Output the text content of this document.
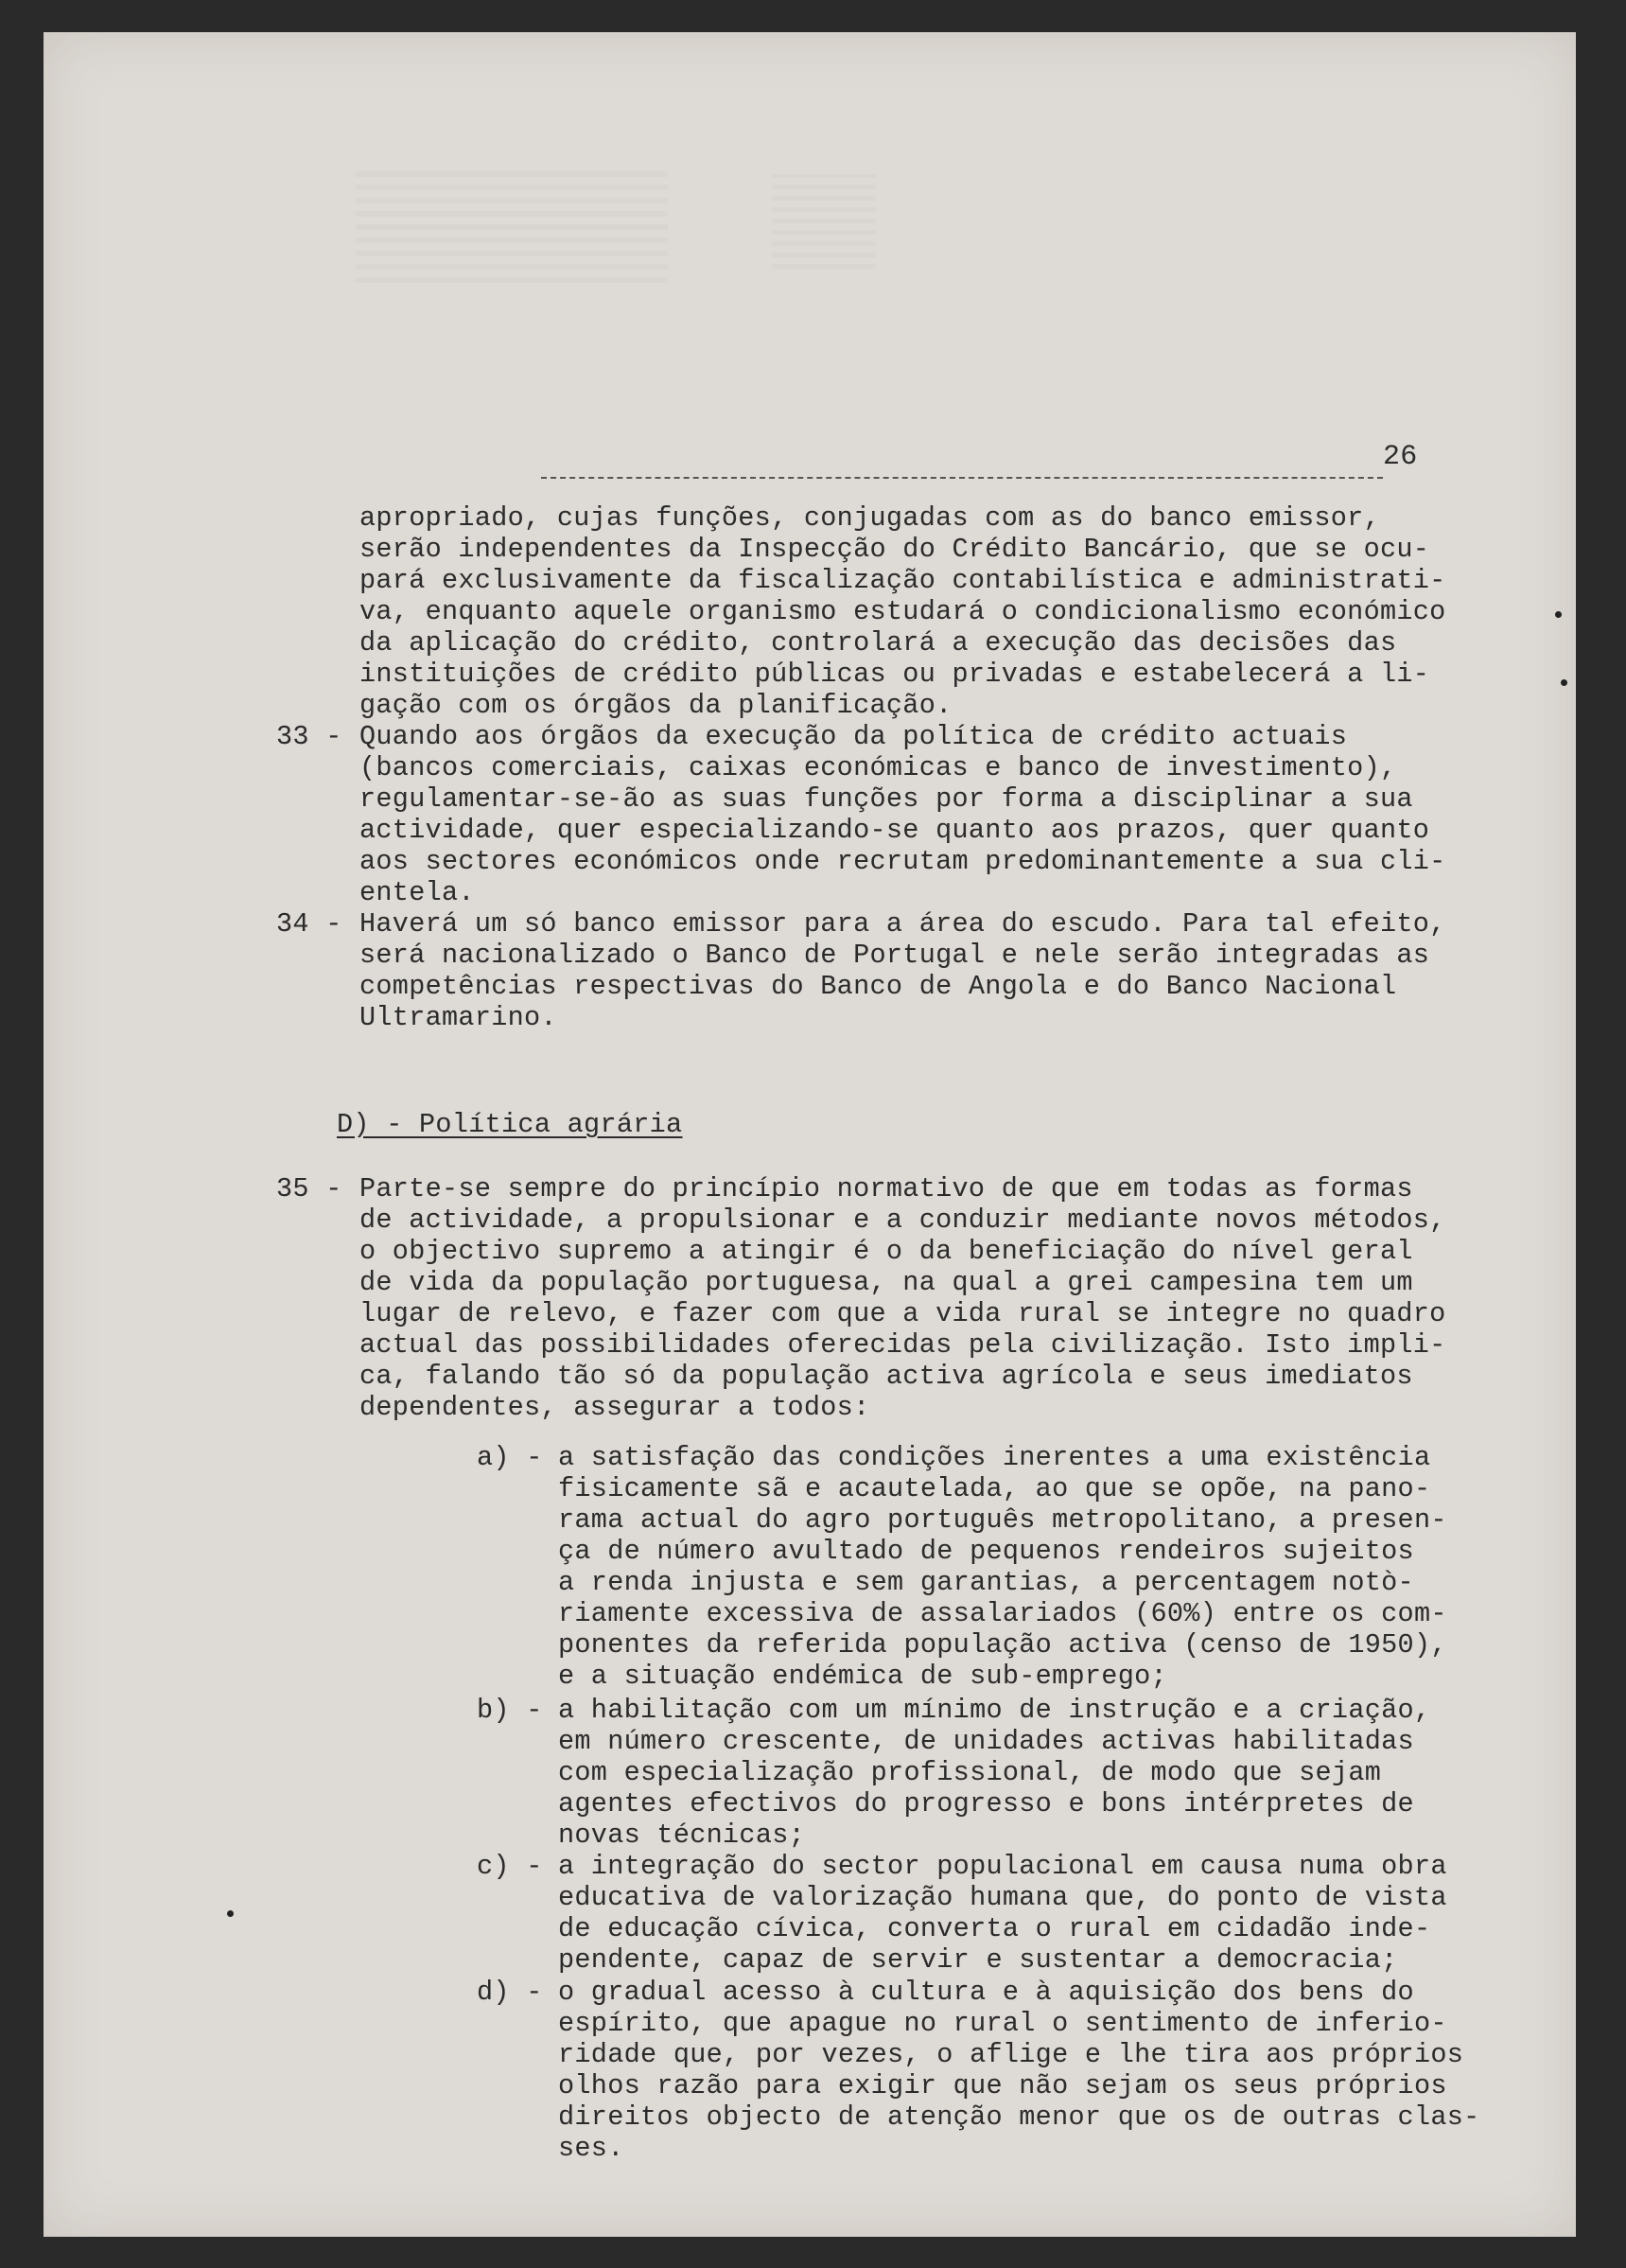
26
apropriado, cujas funções, conjugadas com as do banco emissor,
serão independentes da Inspecção do Crédito Bancário, que se ocu-
pará exclusivamente da fiscalização contabilística e administrati-
va, enquanto aquele organismo estudará o condicionalismo económico
da aplicação do crédito, controlará a execução das decisões das
instituições de crédito públicas ou privadas e estabelecerá a li-
gação com os órgãos da planificação.
33 - Quando aos órgãos da execução da política de crédito actuais
(bancos comerciais, caixas económicas e banco de investimento),
regulamentar-se-ão as suas funções por forma a disciplinar a sua
actividade, quer especializando-se quanto aos prazos, quer quanto
aos sectores económicos onde recrutam predominantemente a sua cli-
entela.
34 - Haverá um só banco emissor para a área do escudo. Para tal efeito,
será nacionalizado o Banco de Portugal e nele serão integradas as
competências respectivas do Banco de Angola e do Banco Nacional
Ultramarino.
D) - Política agrária
35 - Parte-se sempre do princípio normativo de que em todas as formas
de actividade, a propulsionar e a conduzir mediante novos métodos,
o objectivo supremo a atingir é o da beneficiação do nível geral
de vida da população portuguesa, na qual a grei campesina tem um
lugar de relevo, e fazer com que a vida rural se integre no quadro
actual das possibilidades oferecidas pela civilização. Isto impli-
ca, falando tão só da população activa agrícola e seus imediatos
dependentes, assegurar a todos:
a) - a satisfação das condições inerentes a uma existência
fisicamente sã e acautelada, ao que se opõe, na pano-
rama actual do agro português metropolitano, a presen-
ça de número avultado de pequenos rendeiros sujeitos
a renda injusta e sem garantias, a percentagem notò-
riamente excessiva de assalariados (60%) entre os com-
ponentes da referida população activa (censo de 1950),
e a situação endémica de sub-emprego;
b) - a habilitação com um mínimo de instrução e a criação,
em número crescente, de unidades activas habilitadas
com especialização profissional, de modo que sejam
agentes efectivos do progresso e bons intérpretes de
novas técnicas;
c) - a integração do sector populacional em causa numa obra
educativa de valorização humana que, do ponto de vista
de educação cívica, converta o rural em cidadão inde-
pendente, capaz de servir e sustentar a democracia;
d) - o gradual acesso à cultura e à aquisição dos bens do
espírito, que apague no rural o sentimento de inferio-
ridade que, por vezes, o aflige e lhe tira aos próprios
olhos razão para exigir que não sejam os seus próprios
direitos objecto de atenção menor que os de outras clas-
ses.
